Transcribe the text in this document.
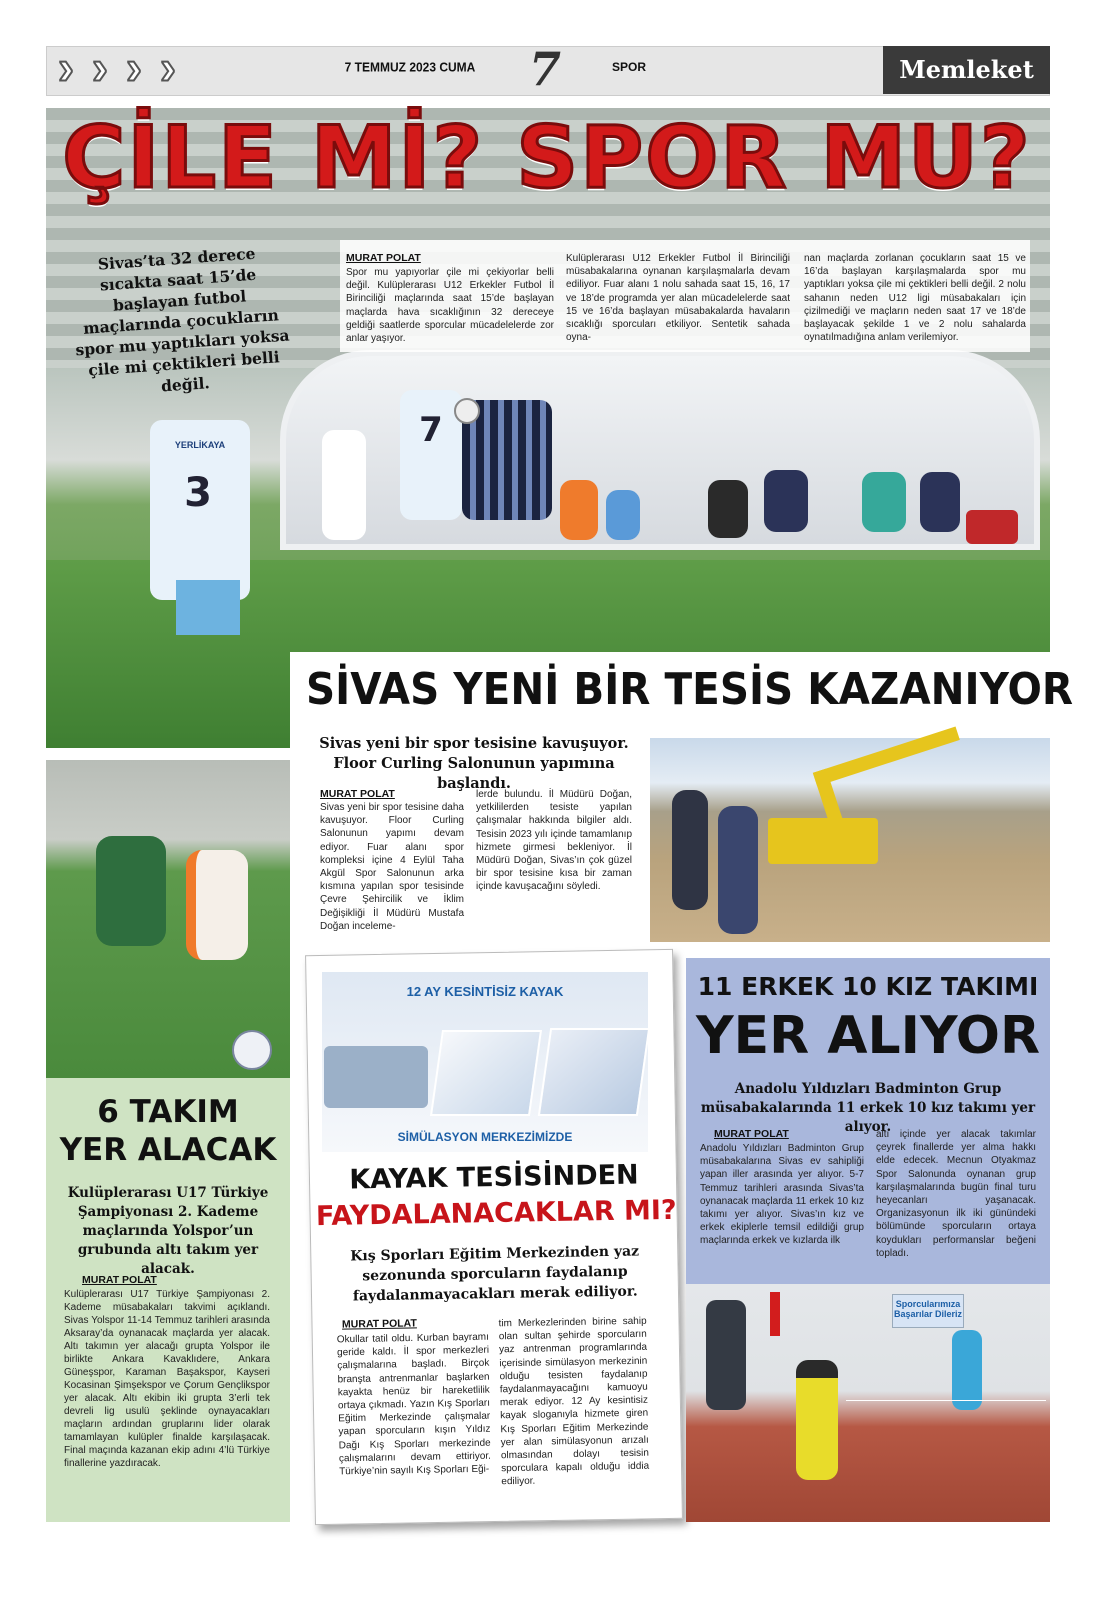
› › › ›	7 TEMMUZ 2023 CUMA	7	SPOR	Memleket
3
YERLİKAYA	7
ÇİLE Mİ? SPOR MU?
Sivas’ta 32 derece sıcakta saat 15’de başlayan futbol maçlarında çocukların spor mu yaptıkları yoksa çile mi çektikleri belli değil.
MURAT POLAT
Spor mu yapıyorlar çile mi çekiyorlar belli değil. Kulüplerarası U12 Erkekler Futbol İl Birinciliği maçlarında saat 15’de başlayan maçlarda hava sıcaklığının 32 dereceye geldiği saatlerde sporcular mücadelelerde zor anlar yaşıyor.
Kulüplerarası U12 Erkekler Futbol İl Birinciliği müsabakalarına oynanan karşılaşmalarla devam ediliyor. Fuar alanı 1 nolu sahada saat 15, 16, 17 ve 18’de programda yer alan mücadelelerde saat 15 ve 16’da başlayan müsabakalarda havaların sıcaklığı sporcuları etkiliyor. Sentetik sahada oyna-
nan maçlarda zorlanan çocukların saat 15 ve 16’da başlayan karşılaşmalarda spor mu yaptıkları yoksa çile mi çektikleri belli değil. 2 nolu sahanın neden U12 ligi müsabakaları için çizilmediği ve maçların neden saat 17 ve 18’de başlayacak şekilde 1 ve 2 nolu sahalarda oynatılmadığına anlam verilemiyor.
SİVAS YENİ BİR TESİS KAZANIYOR
Sivas yeni bir spor tesisine kavuşuyor. Floor Curling Salonunun yapımına başlandı.
MURAT POLAT
Sivas yeni bir spor tesisine daha kavuşuyor. Floor Curling Salonunun yapımı devam ediyor. Fuar alanı spor kompleksi içine 4 Eylül Taha Akgül Spor Salonunun arka kısmına yapılan spor tesisinde Çevre Şehircilik ve İklim Değişikliği İl Müdürü Mustafa Doğan inceleme-
lerde bulundu. İl Müdürü Doğan, yetkililerden tesiste yapılan çalışmalar hakkında bilgiler aldı. Tesisin 2023 yılı içinde tamamlanıp hizmete girmesi bekleniyor. İl Müdürü Doğan, Sivas’ın çok güzel bir spor tesisine kısa bir zaman içinde kavuşacağını söyledi.
6 TAKIM
YER ALACAK
Kulüplerarası U17 Türkiye Şampiyonası 2. Kademe maçlarında Yolspor’un grubunda altı takım yer alacak.
MURAT POLAT
Kulüplerarası U17 Türkiye Şampiyonası 2. Kademe müsabakaları takvimi açıklandı. Sivas Yolspor 11-14 Temmuz tarihleri arasında Aksaray’da oynanacak maçlarda yer alacak. Altı takımın yer alacağı grupta Yolspor ile birlikte Ankara Kavaklıdere, Ankara Güneşspor, Karaman Başakspor, Kayseri Kocasinan Şimşekspor ve Çorum Gençlikspor yer alacak. Altı ekibin iki grupta 3’erli tek devreli lig usulü şeklinde oynayacakları maçların ardından gruplarını lider olarak tamamlayan kulüpler finalde karşılaşacak. Final maçında kazanan ekip adını 4’lü Türkiye finallerine yazdıracak.
12 AY KESİNTİSİZ KAYAK
SİMÜLASYON MERKEZİMİZDE
KAYAK TESİSİNDEN
FAYDALANACAKLAR MI?
Kış Sporları Eğitim Merkezinden yaz sezonunda sporcuların faydalanıp faydalanmayacakları merak ediliyor.
MURAT POLAT
Okullar tatil oldu. Kurban bayramı geride kaldı. İl spor merkezleri çalışmalarına başladı. Birçok branşta antrenmanlar başlarken kayakta henüz bir hareketlilik ortaya çıkmadı. Yazın Kış Sporları Eğitim Merkezinde çalışmalar yapan sporcuların kışın Yıldız Dağı Kış Sporları merkezinde çalışmalarını devam ettiriyor. Türkiye’nin sayılı Kış Sporları Eği-
tim Merkezlerinden birine sahip olan sultan şehirde sporcuların yaz antrenman programlarında içerisinde simülasyon merkezinin olduğu tesisten faydalanıp faydalanmayacağını kamuoyu merak ediyor. 12 Ay kesintisiz kayak sloganıyla hizmete giren Kış Sporları Eğitim Merkezinde yer alan simülasyonun arızalı olmasından dolayı tesisin sporculara kapalı olduğu iddia ediliyor.
11 ERKEK 10 KIZ TAKIMI
YER ALIYOR
Anadolu Yıldızları Badminton Grup müsabakalarında 11 erkek 10 kız takımı yer alıyor.
MURAT POLAT
Anadolu Yıldızları Badminton Grup müsabakalarına Sivas ev sahipliği yapan iller arasında yer alıyor. 5-7 Temmuz tarihleri arasında Sivas’ta oynanacak maçlarda 11 erkek 10 kız takımı yer alıyor. Sivas’ın kız ve erkek ekiplerle temsil edildiği grup maçlarında erkek ve kızlarda ilk
altı içinde yer alacak takımlar çeyrek finallerde yer alma hakkı elde edecek. Mecnun Otyakmaz Spor Salonunda oynanan grup karşılaşmalarında bugün final turu heyecanları yaşanacak. Organizasyonun ilk iki günündeki bölümünde sporcuların ortaya koydukları performanslar beğeni topladı.
Sporcularımıza Başarılar Dileriz
